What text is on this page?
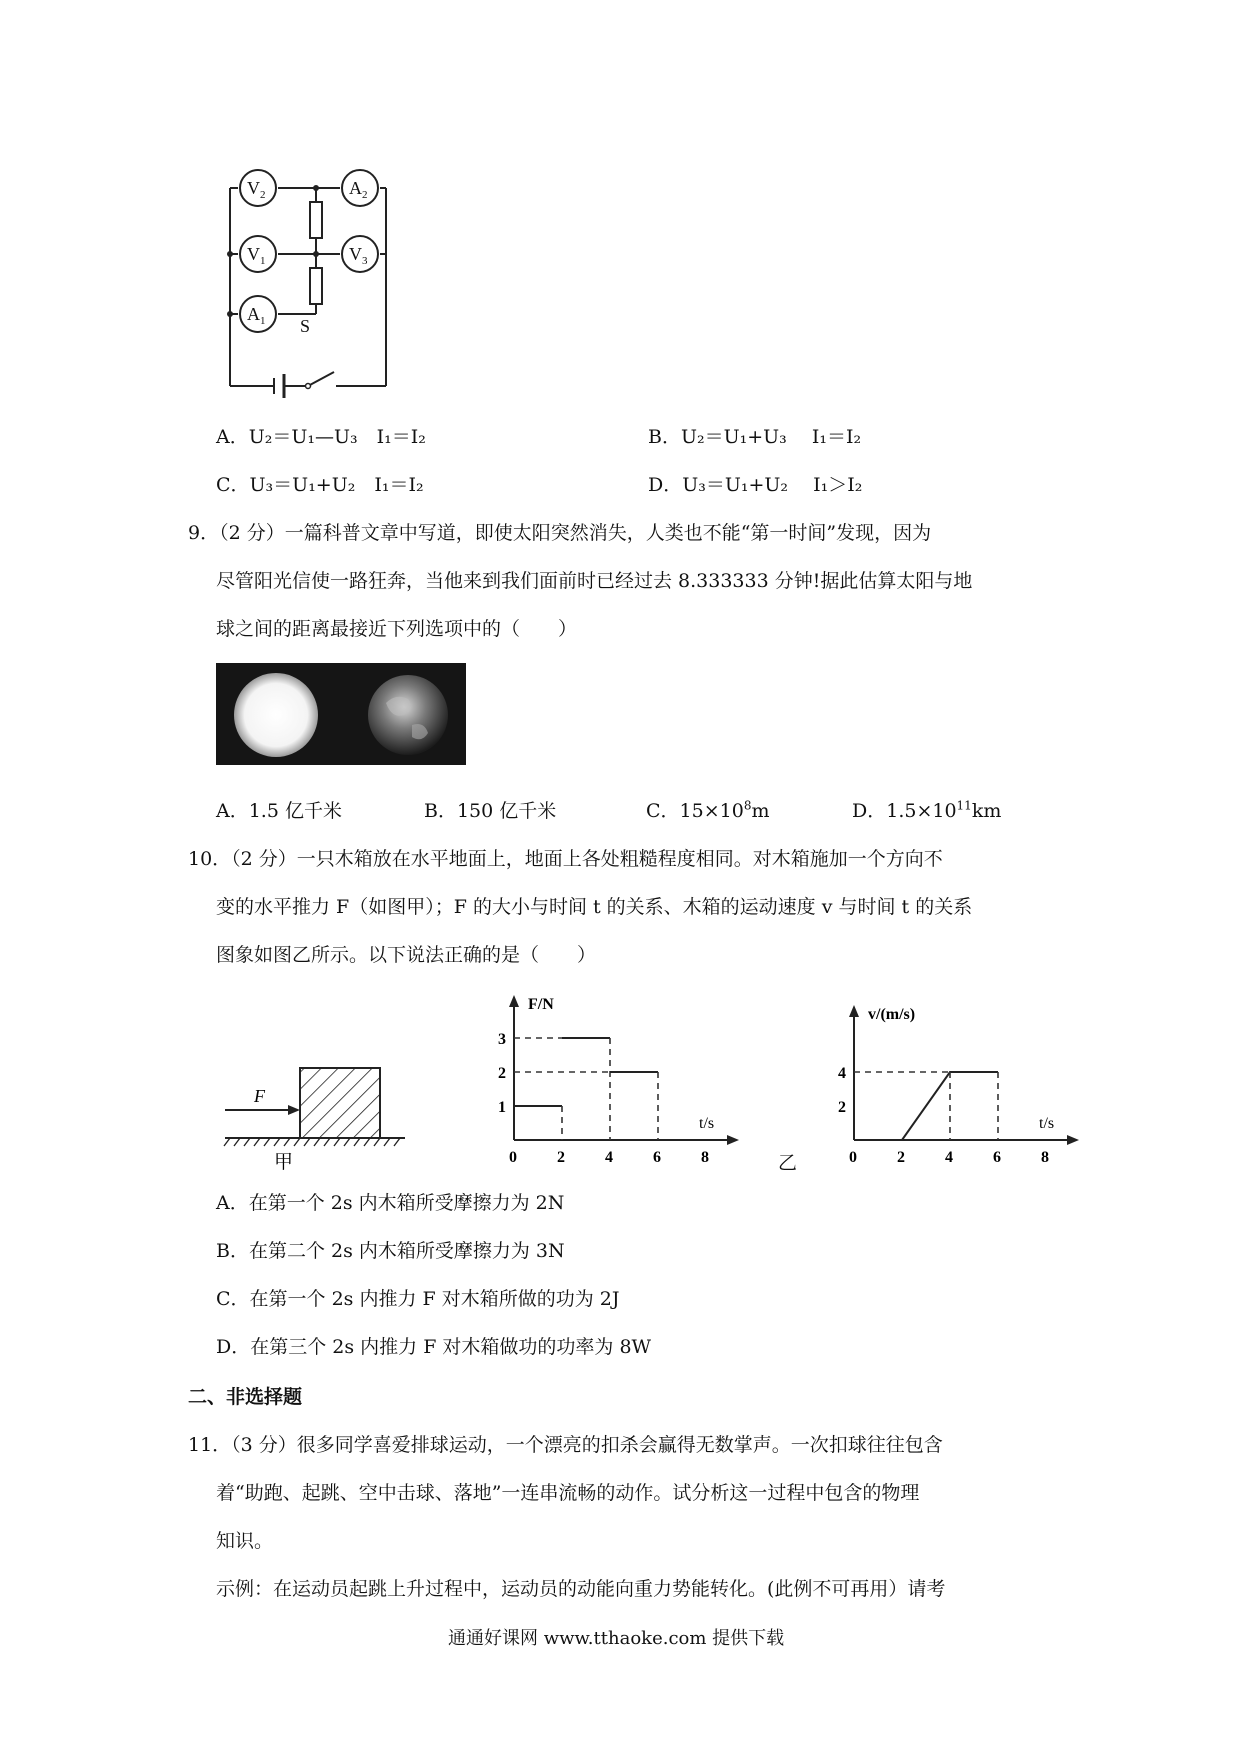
$V_2$	$A_2$
$V_1$	$V_3$
$A_1$ S
A．U₂＝U₁—U₃　I₁＝I₂	B．U₂＝U₁+U₃　 I₁＝I₂
C．U₃＝U₁+U₂　I₁＝I₂	D．U₃＝U₁+U₂　 I₁＞I₂
9．（2 分）一篇科普文章中写道，即使太阳突然消失，人类也不能“第一时间”发现，因为
尽管阳光信使一路狂奔，当他来到我们面前时已经过去 8.333333 分钟!据此估算太阳与地
球之间的距离最接近下列选项中的（　　）
A．1.5 亿千米	B．150 亿千米	C．$15\times 10^8m$	D．$1.5\times 10^{11}km$
10．（2 分）一只木箱放在水平地面上，地面上各处粗糙程度相同。对木箱施加一个方向不
变的水平推力 F（如图甲）；F 的大小与时间 t 的关系、木箱的运动速度 v 与时间 t 的关系
图象如图乙所示。以下说法正确的是（　　）
F
甲
t/s
F/N
0	2	4	6	8
1
2
3
乙
t/s
v/(m/s)
0	2	4	6	8
2
4
A．在第一个 2s 内木箱所受摩擦力为 2N
B．在第二个 2s 内木箱所受摩擦力为 3N
C．在第一个 2s 内推力 F 对木箱所做的功为 2J
D．在第三个 2s 内推力 F 对木箱做功的功率为 8W
二、非选择题
11．（3 分）很多同学喜爱排球运动，一个漂亮的扣杀会赢得无数掌声。一次扣球往往包含
着“助跑、起跳、空中击球、落地”一连串流畅的动作。试分析这一过程中包含的物理
知识。
示例：在运动员起跳上升过程中，运动员的动能向重力势能转化。(此例不可再用）请考
通通好课网 www.tthaoke.com 提供下载
